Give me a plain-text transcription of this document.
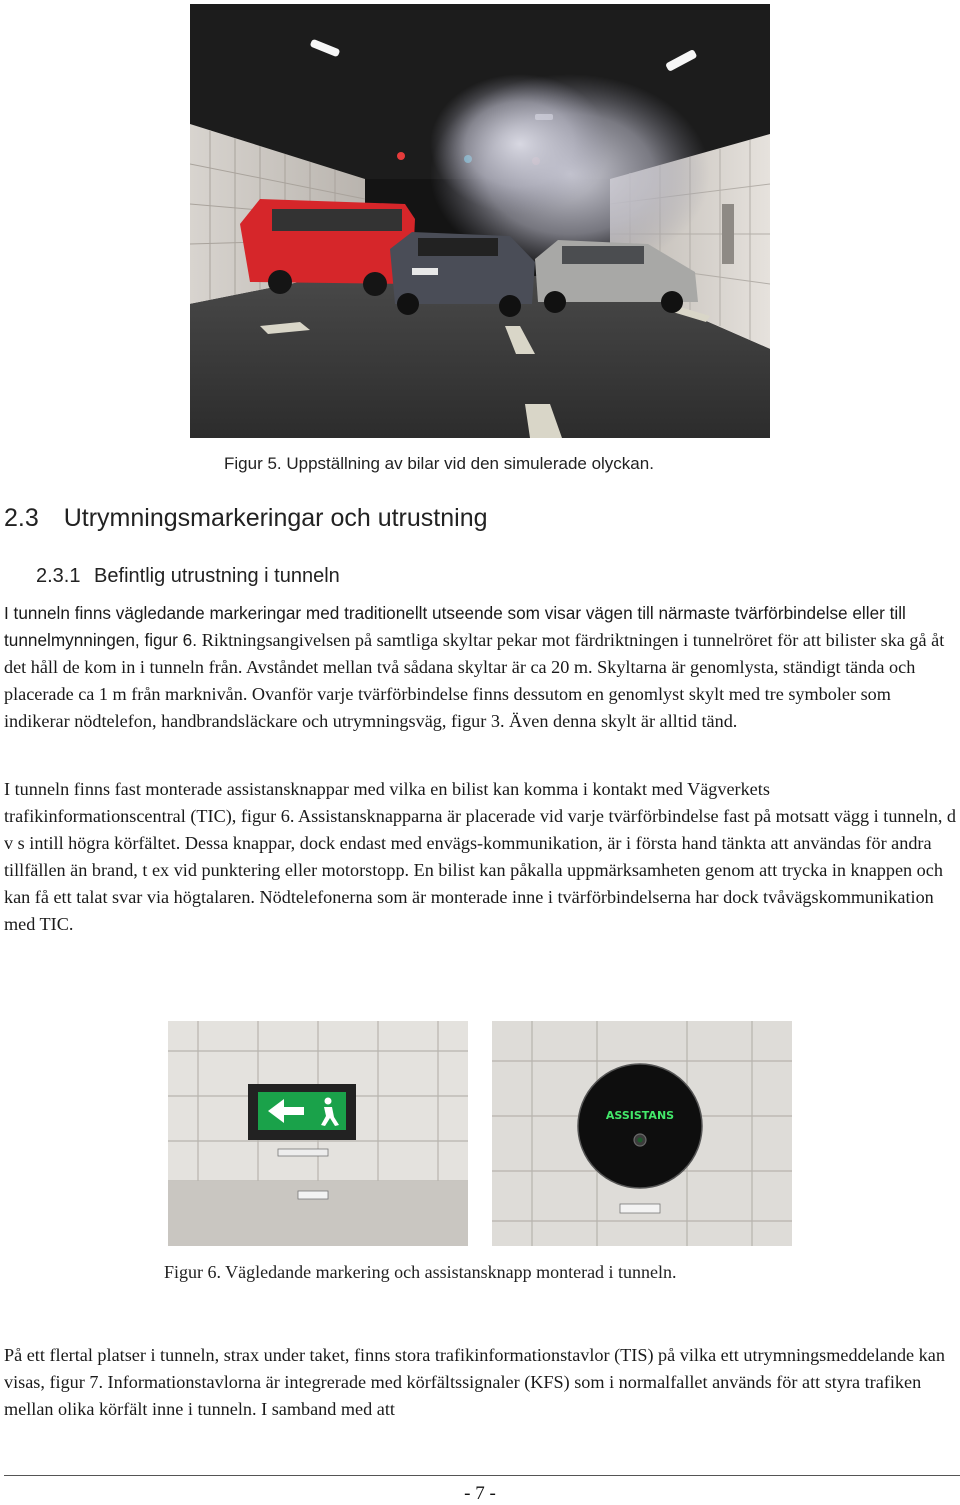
Figur 5. Uppställning av bilar vid den simulerade olyckan.
2.3 Utrymningsmarkeringar och utrustning
2.3.1 Befintlig utrustning i tunneln

I tunneln finns vägledande markeringar med traditionellt utseende som visar vägen till närmaste tvärförbindelse eller till tunnelmynningen, figur 6. Riktningsangivelsen på samtliga skyltar pekar mot färdriktningen i tunnelröret för att bilister ska gå åt det håll de kom in i tunneln från. Avståndet mellan två sådana skyltar är ca 20 m. Skyltarna är genomlysta, ständigt tända och placerade ca 1 m från marknivån. Ovanför varje tvärförbindelse finns dessutom en genomlyst skylt med tre symboler som indikerar nödtelefon, handbrandsläckare och utrymningsväg, figur 3. Även denna skylt är alltid tänd.

I tunneln finns fast monterade assistansknappar med vilka en bilist kan komma i kontakt med Vägverkets trafikinformationscentral (TIC), figur 6. Assistansknapparna är placerade vid varje tvärförbindelse fast på motsatt vägg i tunneln, d v s intill högra körfältet. Dessa knappar, dock endast med envägs-kommunikation, är i första hand tänkta att användas för andra tillfällen än brand, t ex vid punktering eller motorstopp. En bilist kan påkalla uppmärksamheten genom att trycka in knappen och kan få ett talat svar via högtalaren. Nödtelefonerna som är monterade inne i tvärförbindelserna har dock tvåvägskommunikation med TIC.

ASSISTANS
Figur 6. Vägledande markering och assistansknapp monterad i tunneln.

På ett flertal platser i tunneln, strax under taket, finns stora trafikinformationstavlor (TIS) på vilka ett utrymningsmeddelande kan visas, figur 7. Informationstavlorna är integrerade med körfältssignaler (KFS) som i normalfallet används för att styra trafiken mellan olika körfält inne i tunneln. I samband med att

- 7 -
